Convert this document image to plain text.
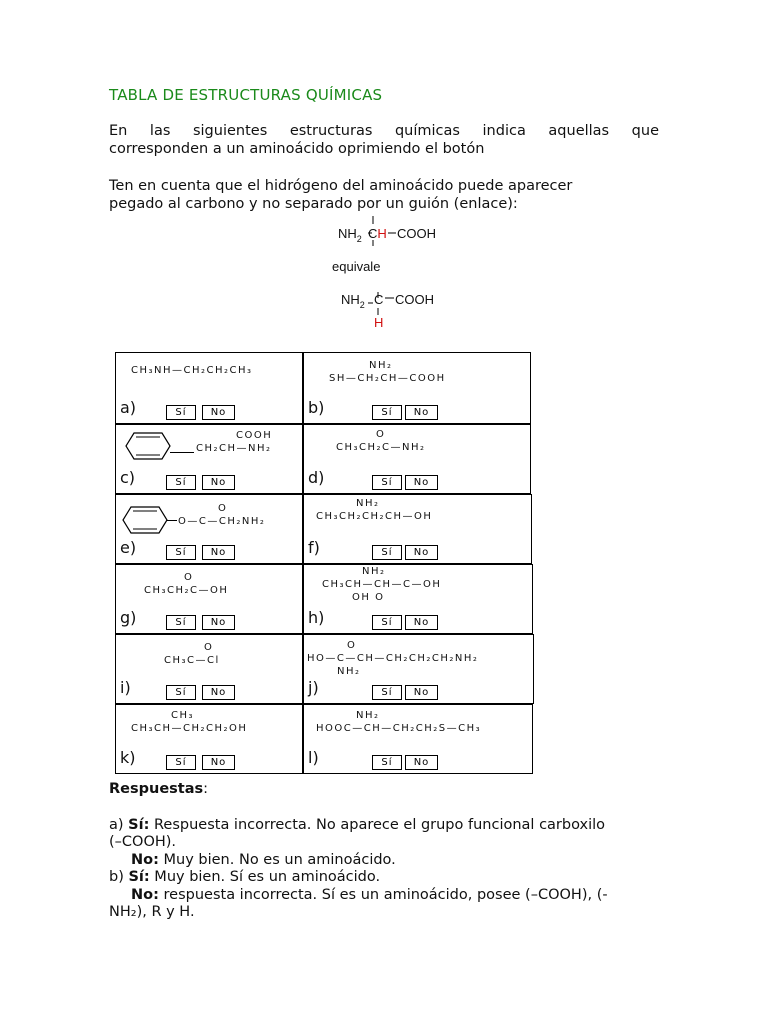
TABLA DE ESTRUCTURAS QUÍMICAS
En las siguientes estructuras químicas indica aquellas que
corresponden a un aminoácido oprimiendo el botón
Ten en cuenta que el hidrógeno del aminoácido puede aparecer
pegado al carbono y no separado por un guión (enlace):
$NH_2$ CH COOH
equivale
$NH_2$ C COOH
H
CH₃NH—CH₂CH₂CH₃
a)	Sí	No
NH₂
SH—CH₂CH—COOH
b)	Sí	No
COOH
CH₂CH—NH₂
c)	Sí	No
O
CH₃CH₂C—NH₂
d)	Sí	No
O
O—C—CH₂NH₂
e)	Sí	No
NH₂
CH₃CH₂CH₂CH—OH
f)	Sí	No
O
CH₃CH₂C—OH
g)	Sí	No
NH₂
CH₃CH—CH—C—OH
OH O
h)	Sí	No
O
CH₃C—Cl
i)	Sí	No
O
HO—C—CH—CH₂CH₂CH₂NH₂
NH₂
j)	Sí	No
CH₃
CH₃CH—CH₂CH₂OH
k)	Sí	No
NH₂
HOOC—CH—CH₂CH₂S—CH₃
l)	Sí	No
Respuestas:
a) Sí: Respuesta incorrecta. No aparece el grupo funcional carboxilo
(–COOH).
No: Muy bien. No es un aminoácido.
b) Sí: Muy bien. Sí es un aminoácido.
No: respuesta incorrecta. Sí es un aminoácido, posee (–COOH), (-
NH₂), R y H.
